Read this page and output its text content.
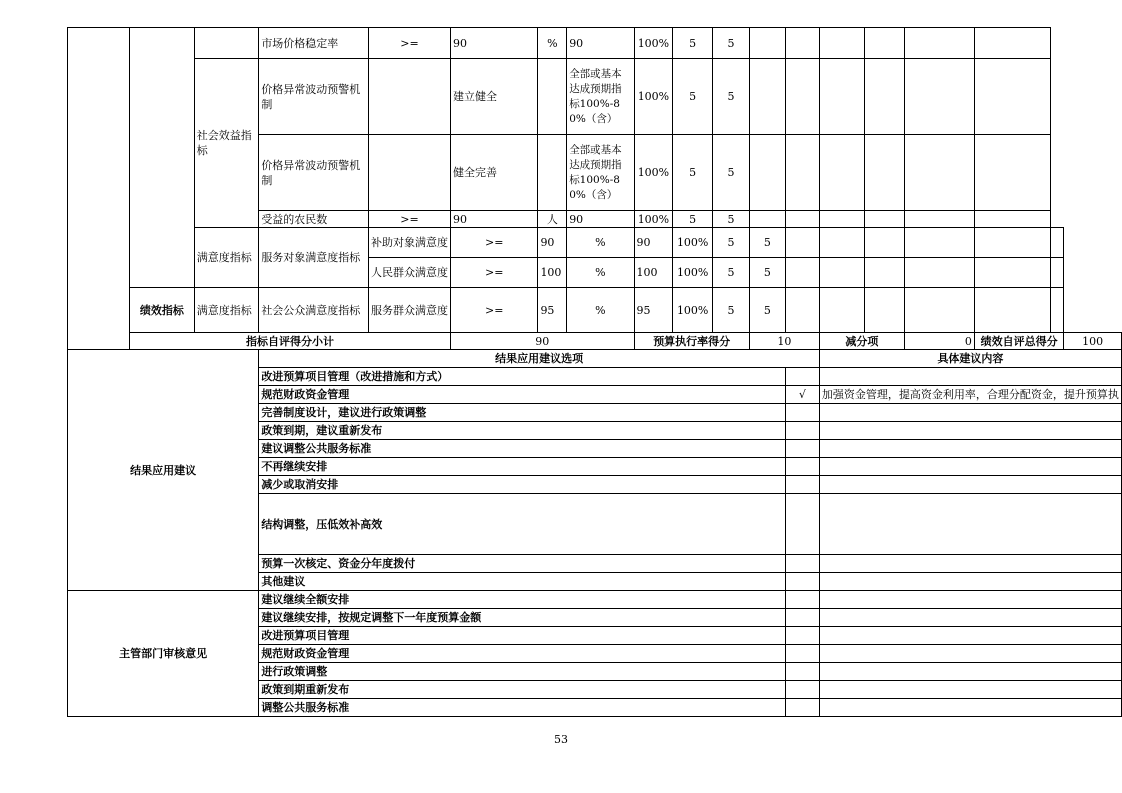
			市场价格稳定率	>=	90	%	90	100%	5	5								
		社会效益指标	价格异常波动预警机制		建立健全		全部或基本达成预期指标100%-80%（含）	100%	5	5								
			价格异常波动预警机制		健全完善		全部或基本达成预期指标100%-80%（含）	100%	5	5								
			受益的农民数	>=	90	人	90	100%	5	5								
		满意度指标	服务对象满意度指标	补助对象满意度	>=	90	%	90	100%	5	5							
				人民群众满意度	>=	100	%	100	100%	5	5							
	绩效指标	满意度指标	社会公众满意度指标	服务群众满意度	>=	95	%	95	100%	5	5							
	指标自评得分小计				90			预算执行率得分			10		减分项		0	绩效自评总得分		100
结果应用建议			结果应用建议选项										具体建议内容					
			改进预算项目管理（改进措施和方式）															
			规范财政资金管理									√	加强资金管理，提高资金利用率，合理分配资金，提升预算执					
			完善制度设计，建议进行政策调整															
			政策到期，建议重新发布															
			建议调整公共服务标准															
			不再继续安排															
			减少或取消安排															
			结构调整，压低效补高效															
			预算一次核定、资金分年度拨付															
			其他建议															
主管部门审核意见			建议继续全额安排															
			建议继续安排，按规定调整下一年度预算金额															
			改进预算项目管理															
			规范财政资金管理															
			进行政策调整															
			政策到期重新发布															
			调整公共服务标准															
53
